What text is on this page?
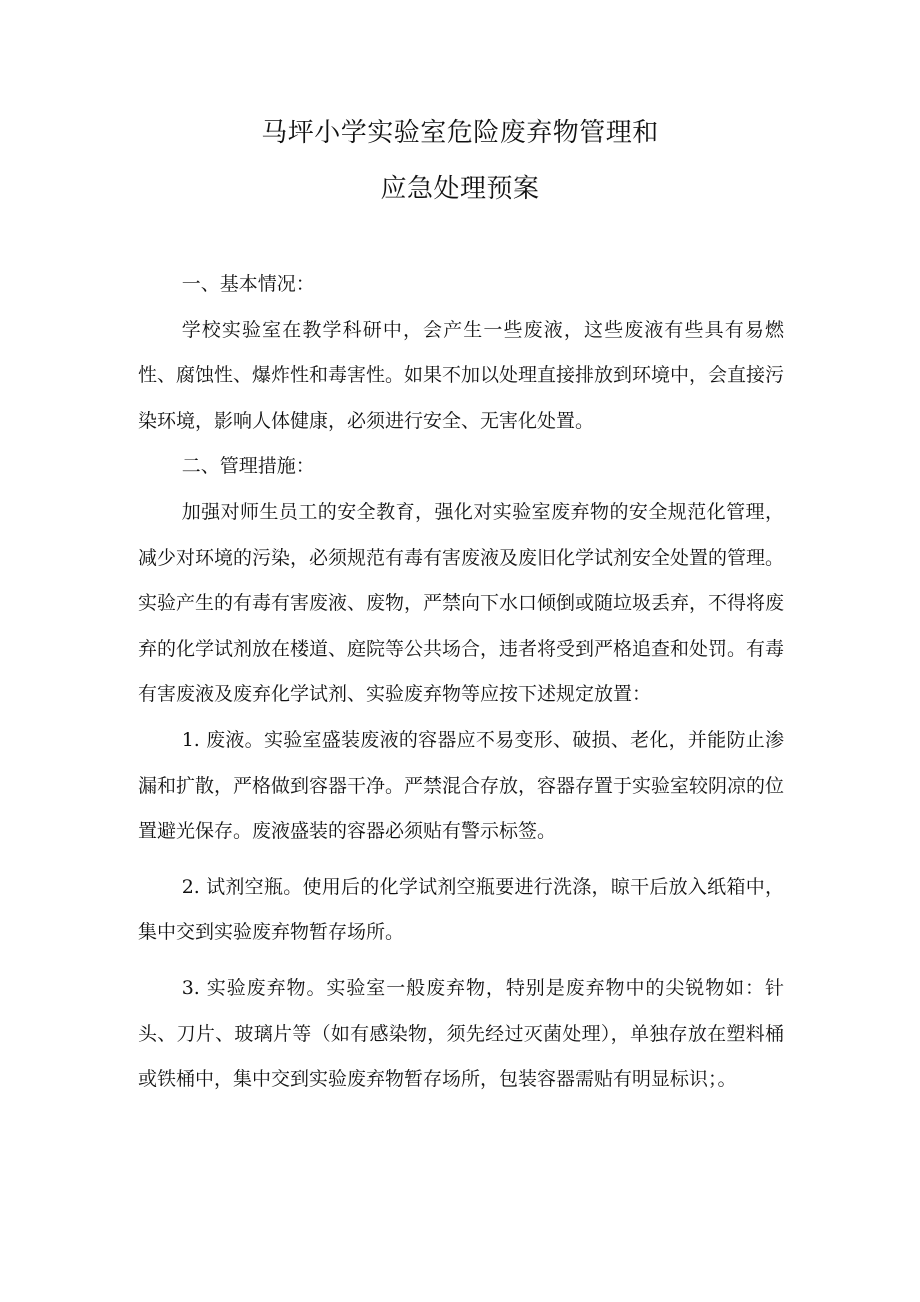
马坪小学实验室危险废弃物管理和
应急处理预案

一、基本情况：

学校实验室在教学科研中，会产生一些废液，这些废液有些具有易燃性、腐蚀性、爆炸性和毒害性。如果不加以处理直接排放到环境中，会直接污染环境，影响人体健康，必须进行安全、无害化处置。

二、管理措施：

加强对师生员工的安全教育，强化对实验室废弃物的安全规范化管理，减少对环境的污染，必须规范有毒有害废液及废旧化学试剂安全处置的管理。实验产生的有毒有害废液、废物，严禁向下水口倾倒或随垃圾丢弃，不得将废弃的化学试剂放在楼道、庭院等公共场合，违者将受到严格追查和处罚。有毒有害废液及废弃化学试剂、实验废弃物等应按下述规定放置：

1. 废液。实验室盛装废液的容器应不易变形、破损、老化，并能防止渗漏和扩散，严格做到容器干净。严禁混合存放，容器存置于实验室较阴凉的位置避光保存。废液盛装的容器必须贴有警示标签。

2. 试剂空瓶。使用后的化学试剂空瓶要进行洗涤，晾干后放入纸箱中，集中交到实验废弃物暂存场所。

3. 实验废弃物。实验室一般废弃物，特别是废弃物中的尖锐物如：针头、刀片、玻璃片等（如有感染物，须先经过灭菌处理），单独存放在塑料桶或铁桶中，集中交到实验废弃物暂存场所，包装容器需贴有明显标识；。
